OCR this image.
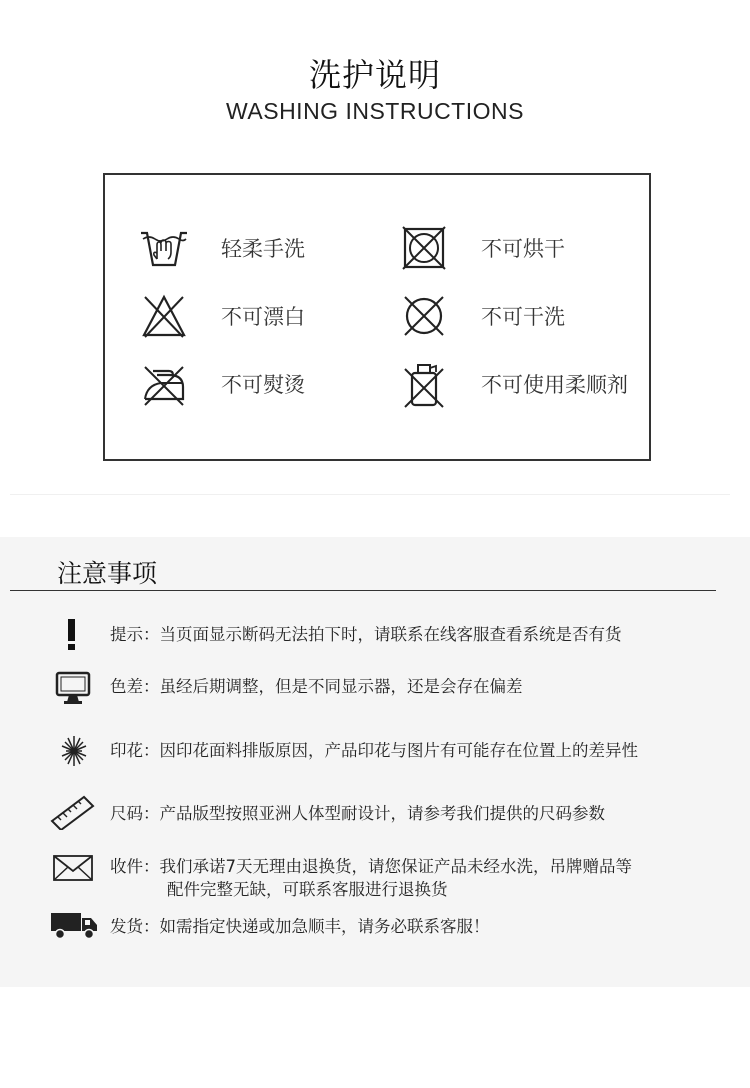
洗护说明
WASHING INSTRUCTIONS
轻柔手洗	不可烘干
不可漂白	不可干洗
不可熨烫	不可使用柔顺剂
注意事项
提示：当页面显示断码无法拍下时，请联系在线客服查看系统是否有货
色差：虽经后期调整，但是不同显示器，还是会存在偏差
印花：因印花面料排版原因，产品印花与图片有可能存在位置上的差异性
尺码：产品版型按照亚洲人体型耐设计，请参考我们提供的尺码参数
收件：我们承诺7天无理由退换货，请您保证产品未经水洗，吊牌赠品等
配件完整无缺，可联系客服进行退换货
发货：如需指定快递或加急顺丰，请务必联系客服！
